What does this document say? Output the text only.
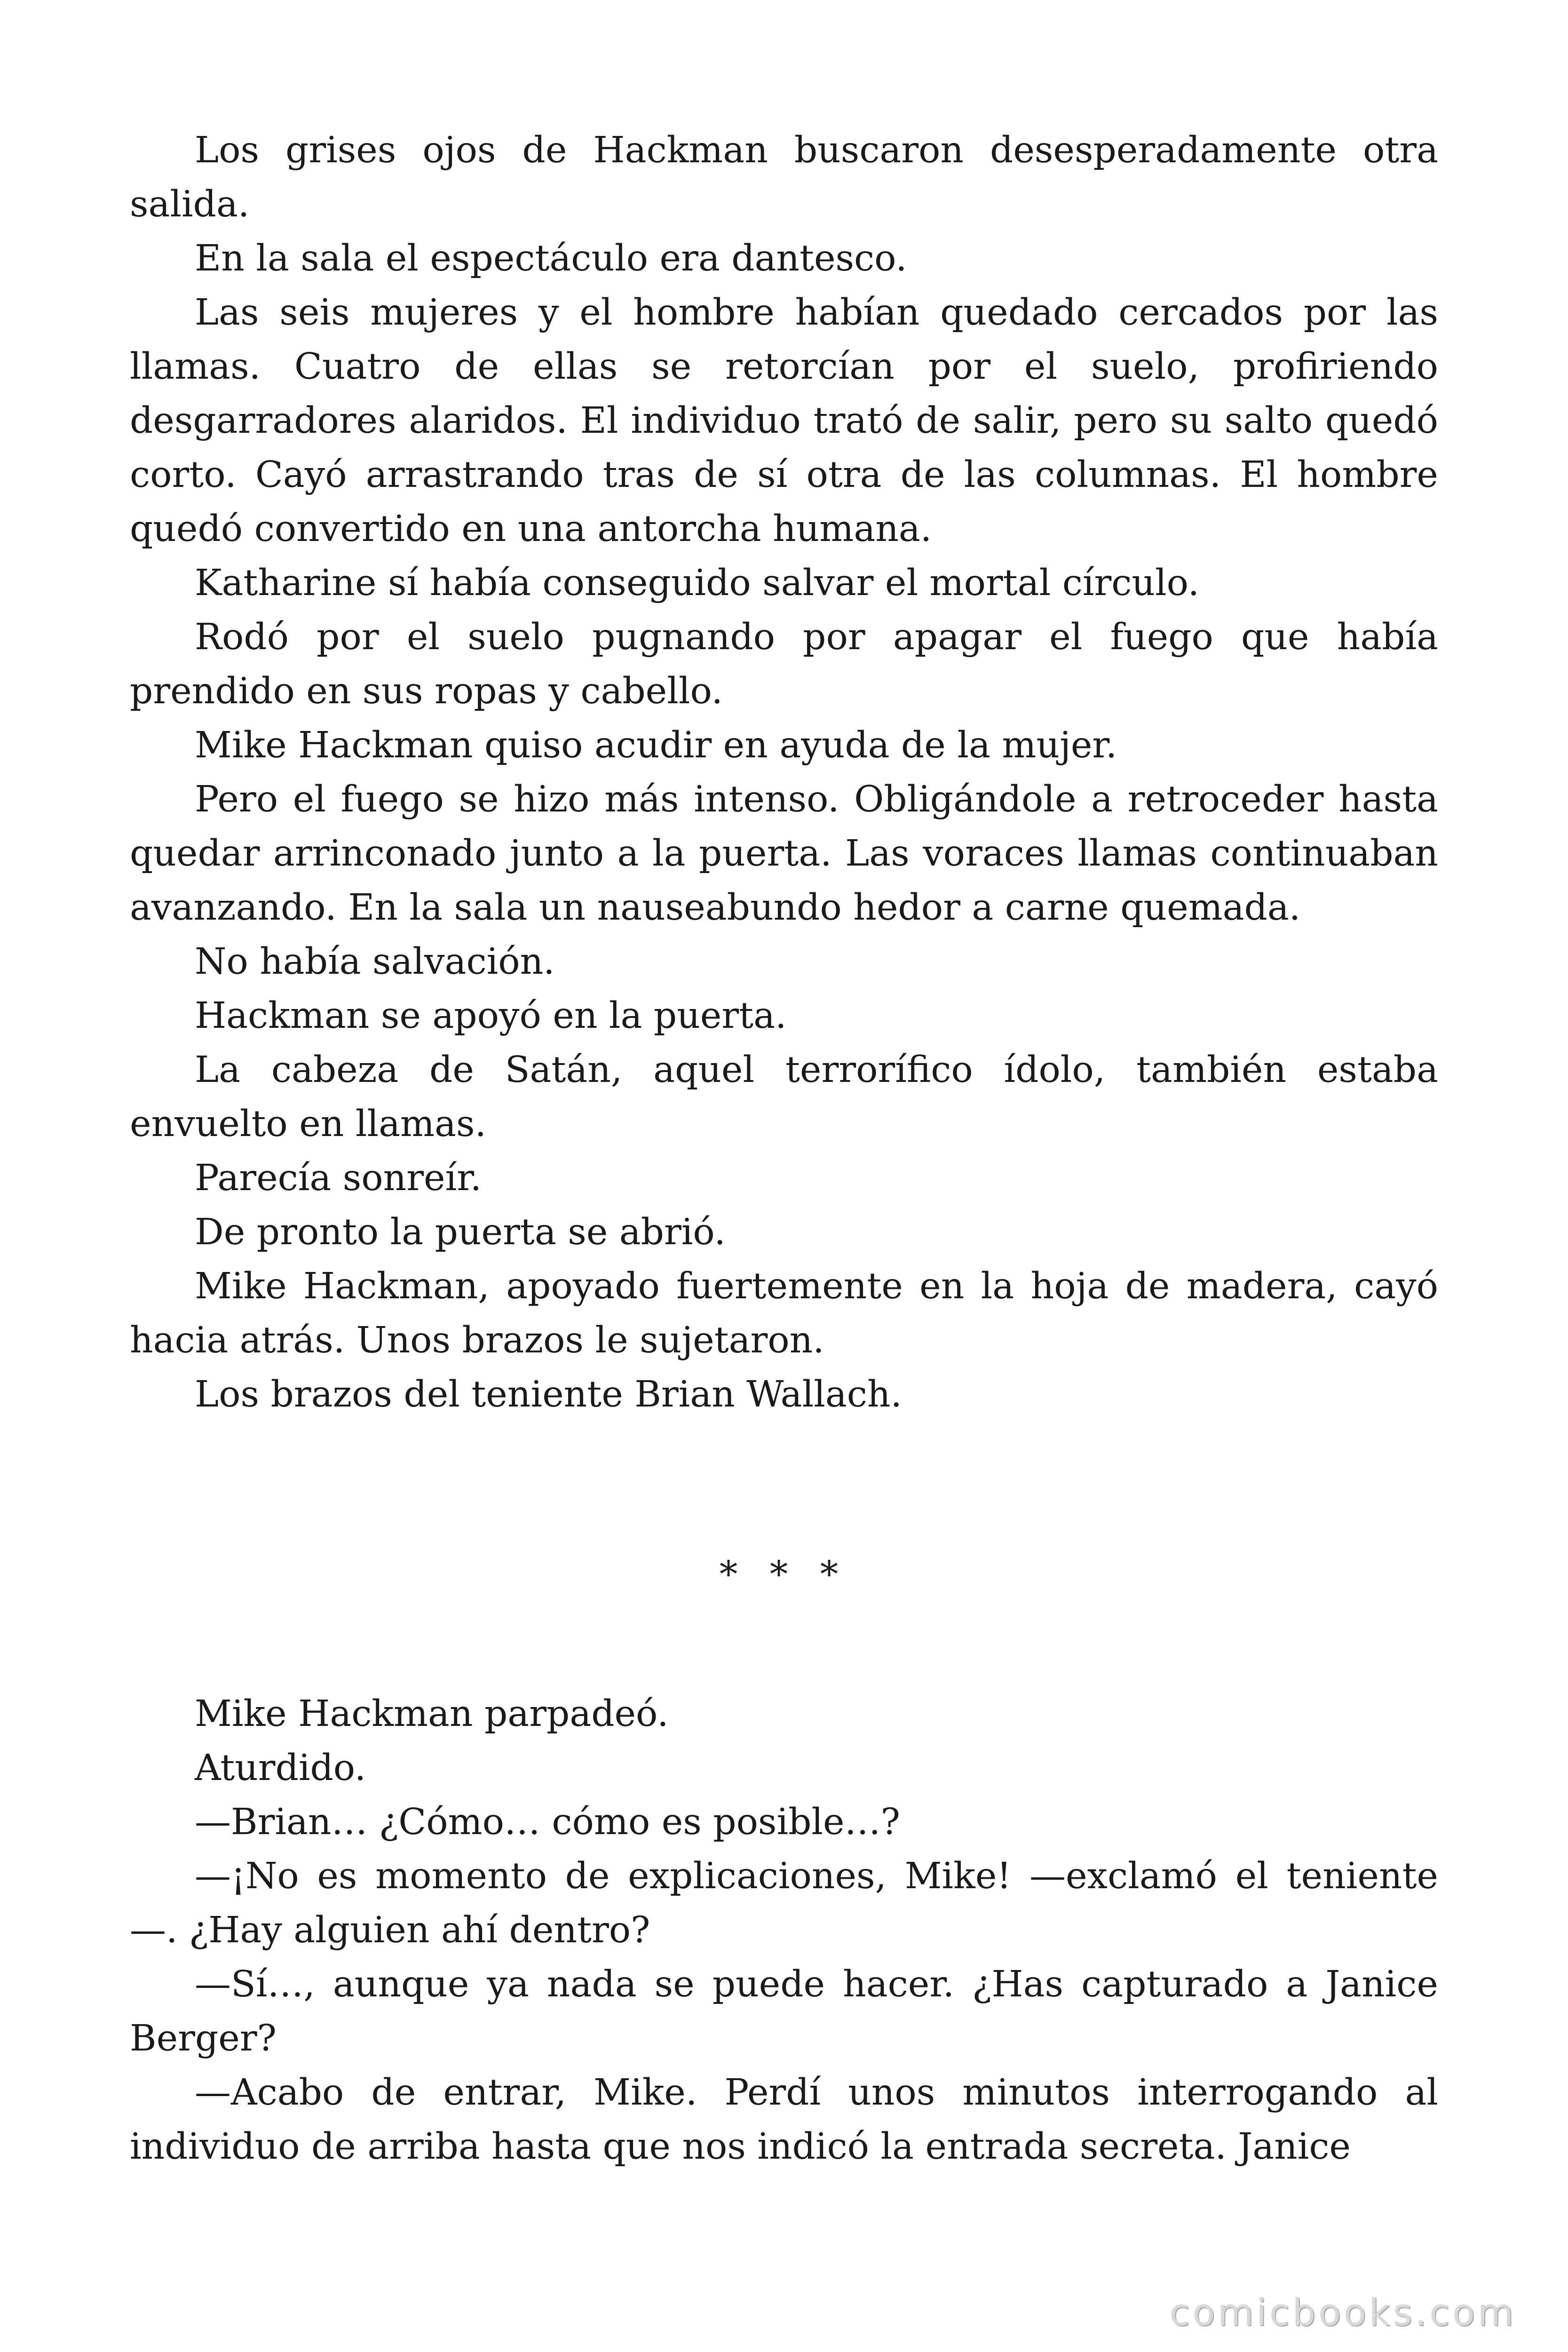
Los grises ojos de Hackman buscaron desesperadamente otra salida.

En la sala el espectáculo era dantesco.

Las seis mujeres y el hombre habían quedado cercados por las llamas. Cuatro de ellas se retorcían por el suelo, profiriendo desgarradores alaridos. El individuo trató de salir, pero su salto quedó corto. Cayó arrastrando tras de sí otra de las columnas. El hombre quedó convertido en una antorcha humana.

Katharine sí había conseguido salvar el mortal círculo.

Rodó por el suelo pugnando por apagar el fuego que había prendido en sus ropas y cabello.

Mike Hackman quiso acudir en ayuda de la mujer.

Pero el fuego se hizo más intenso. Obligándole a retroceder hasta quedar arrinconado junto a la puerta. Las voraces llamas continuaban avanzando. En la sala un nauseabundo hedor a carne quemada.

No había salvación.

Hackman se apoyó en la puerta.

La cabeza de Satán, aquel terrorífico ídolo, también estaba envuelto en llamas.

Parecía sonreír.

De pronto la puerta se abrió.

Mike Hackman, apoyado fuertemente en la hoja de madera, cayó hacia atrás. Unos brazos le sujetaron.

Los brazos del teniente Brian Wallach.

* * *

Mike Hackman parpadeó.

Aturdido.

—Brian… ¿Cómo… cómo es posible…?

—¡No es momento de explicaciones, Mike! —exclamó el teniente —. ¿Hay alguien ahí dentro?

—Sí…, aunque ya nada se puede hacer. ¿Has capturado a Janice Berger?

—Acabo de entrar, Mike. Perdí unos minutos interrogando al individuo de arriba hasta que nos indicó la entrada secreta. Janice

comicbooks.com
